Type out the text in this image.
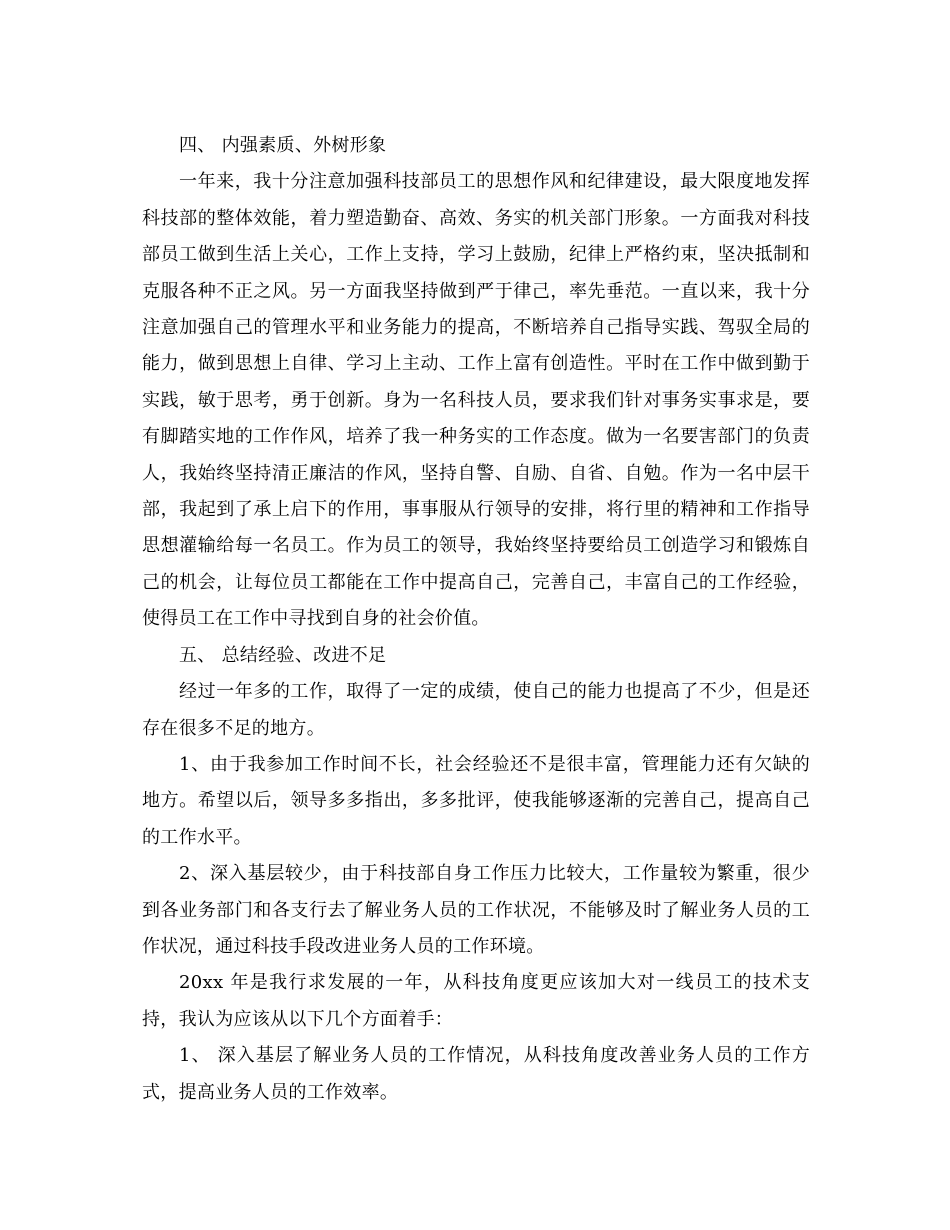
四、 内强素质、外树形象

一年来，我十分注意加强科技部员工的思想作风和纪律建设，最大限度地发挥科技部的整体效能，着力塑造勤奋、高效、务实的机关部门形象。一方面我对科技部员工做到生活上关心，工作上支持，学习上鼓励，纪律上严格约束，坚决抵制和克服各种不正之风。另一方面我坚持做到严于律己，率先垂范。一直以来，我十分注意加强自己的管理水平和业务能力的提高，不断培养自己指导实践、驾驭全局的能力，做到思想上自律、学习上主动、工作上富有创造性。平时在工作中做到勤于实践，敏于思考，勇于创新。身为一名科技人员，要求我们针对事务实事求是，要有脚踏实地的工作作风，培养了我一种务实的工作态度。做为一名要害部门的负责人，我始终坚持清正廉洁的作风，坚持自警、自励、自省、自勉。作为一名中层干部，我起到了承上启下的作用，事事服从行领导的安排，将行里的精神和工作指导思想灌输给每一名员工。作为员工的领导，我始终坚持要给员工创造学习和锻炼自己的机会，让每位员工都能在工作中提高自己，完善自己，丰富自己的工作经验，使得员工在工作中寻找到自身的社会价值。

五、 总结经验、改进不足

经过一年多的工作，取得了一定的成绩，使自己的能力也提高了不少，但是还存在很多不足的地方。

1、由于我参加工作时间不长，社会经验还不是很丰富，管理能力还有欠缺的地方。希望以后，领导多多指出，多多批评，使我能够逐渐的完善自己，提高自己的工作水平。

2、深入基层较少，由于科技部自身工作压力比较大，工作量较为繁重，很少到各业务部门和各支行去了解业务人员的工作状况，不能够及时了解业务人员的工作状况，通过科技手段改进业务人员的工作环境。

20xx 年是我行求发展的一年，从科技角度更应该加大对一线员工的技术支持，我认为应该从以下几个方面着手：

1、 深入基层了解业务人员的工作情况，从科技角度改善业务人员的工作方式，提高业务人员的工作效率。
